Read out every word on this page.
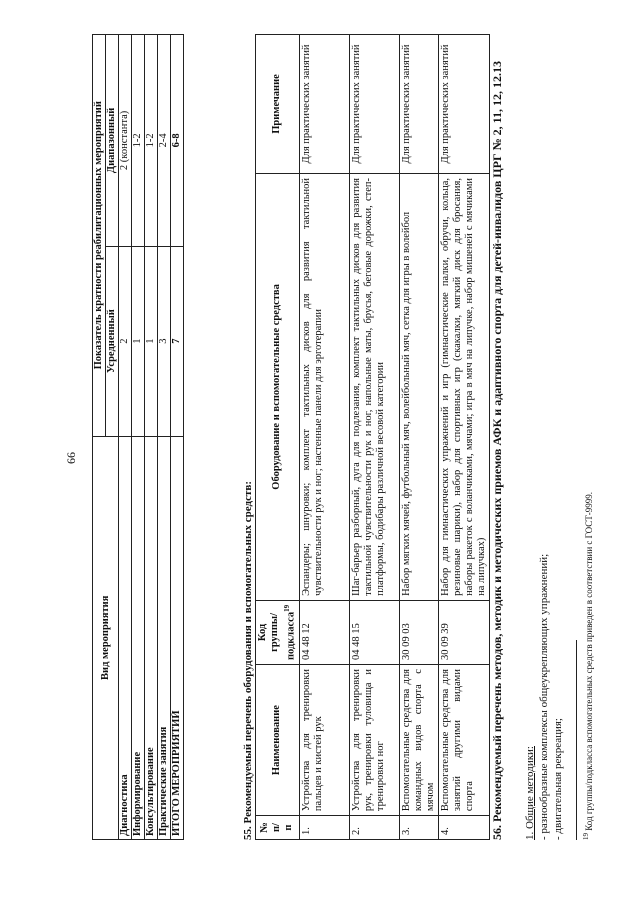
66
Вид мероприятия	Показатель кратности реабилитационных мероприятий	
	Усредненный	Диапазонный
Диагностика	2	2 (константа)
Информирование	1	1-2
Консультирование	1	1-2
Практические занятия	3	2-4
ИТОГО МЕРОПРИЯТИЙ	7	6-8
55. Рекомендуемый перечень оборудования и вспомогательных средств: № п/п	Наименование	Код группы/ подкласса$^{19}$	Оборудование и вспомогательные средства	Примечание
1.	Устройства для тренировки пальцев и кистей рук	04 48 12	Эспандеры; шнуровки; комплект тактильных дисков для развития тактильной чувствительности рук и ног; настенные панели для эрготерапии	Для практических занятий
2.	Устройства для тренировки рук, тренировки туловища и тренировки ног	04 48 15	Шаг-барьер разборный, дуга для подлезания, комплект тактильных дисков для развития тактильной чувствительности рук и ног, напольные маты, брусья, беговые дорожки, степ-платформы, бодибары различной весовой категории	Для практических занятий
3.	Вспомогательные средства для командных видов спорта с мячом	30 09 03	Набор мягких мячей, футбольный мяч, волейбольный мяч, сетка для игры в волейбол	Для практических занятий
4.	Вспомогательные средства для занятий другими видами спорта	30 09 39	Набор для гимнастических упражнений и игр (гимнастические палки, обручи, кольца, резиновые шарики), набор для спортивных игр (скакалки, мягкий диск для бросания, наборы ракеток с воланчиками, мячами; игра в мяч на липучке, набор мишеней с мячиками на липучках)	Для практических занятий	56. Рекомендуемый перечень методов, методик и методических приемов АФК и адаптивного спорта для детей-инвалидов ЦРГ № 2, 11, 12, 12.13 1. Общие методики: - разнообразные комплексы общеукрепляющих упражнений; - двигательная рекреация;	$^{19}$ Код группы/подкласса вспомогательных средств приведен в соответствии с ГОСТ-9999.
